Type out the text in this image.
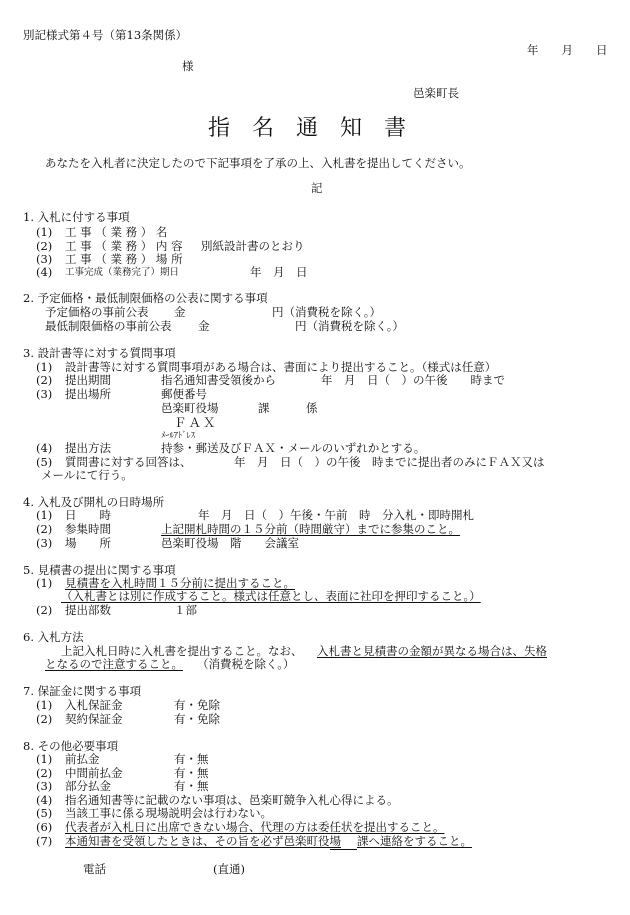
別記様式第４号（第13条関係）
年　　月　　日
様
邑楽町長
指名通知書
あなたを入札者に決定したので下記事項を了承の上、入札書を提出してください。
記
1. 入札に付する事項
(1) 工 事 （ 業 務 ） 名
(2) 工 事 （ 業 務 ） 内 容 別紙設計書のとおり
(3) 工 事 （ 業 務 ） 場 所
(4) 工事完成（業務完了）期日	年　月　日
2. 予定価格・最低制限価格の公表に関する事項
予定価格の事前公表 金	円（消費税を除く。）
最低制限価格の事前公表 金	円（消費税を除く。）
3. 設計書等に対する質問事項
(1) 設計書等に対する質問事項がある場合は、書面により提出すること。（様式は任意）
(2) 提出期間	指名通知書受領後から	年　月　日（　）の午後　　時まで
(3) 提出場所	郵便番号
邑楽町役場	課	係
ＦＡＸ
ﾒｰﾙｱﾄﾞﾚｽ
(4) 提出方法	持参・郵送及びＦＡＸ・メールのいずれかとする。
(5) 質問書に対する回答は、	年　月　日（　）の午後　時までに提出者のみにＦＡＸ又は
メールにて行う。
4. 入札及び開札の日時場所
(1) 日　　時	年　月　日（　）午後・午前　時　分入札・即時開札
(2) 参集時間	上記開札時間の１５分前（時間厳守）までに参集のこと。
(3) 場　　所	邑楽町役場　階　　会議室
5. 見積書の提出に関する事項
(1) 見積書を入札時間１５分前に提出すること。
（入札書とは別に作成すること。様式は任意とし、表面に社印を押印すること。）
(2) 提出部数	１部
6. 入札方法
上記入札日時に入札書を提出すること。なお、 入札書と見積書の金額が異なる場合は、失格
となるので注意すること。 （消費税を除く。）
7. 保証金に関する事項
(1) 入札保証金	有・免除
(2) 契約保証金	有・免除
8. その他必要事項
(1) 前払金	有・無
(2) 中間前払金	有・無
(3) 部分払金	有・無
(4) 指名通知書等に記載のない事項は、邑楽町競争入札心得による。
(5) 当該工事に係る現場説明会は行わない。
(6) 代表者が入札日に出席できない場合、代理の方は委任状を提出すること。
(7) 本通知書を受領したときは、その旨を必ず邑楽町役場 課へ連絡をすること。
電話	(直通)
